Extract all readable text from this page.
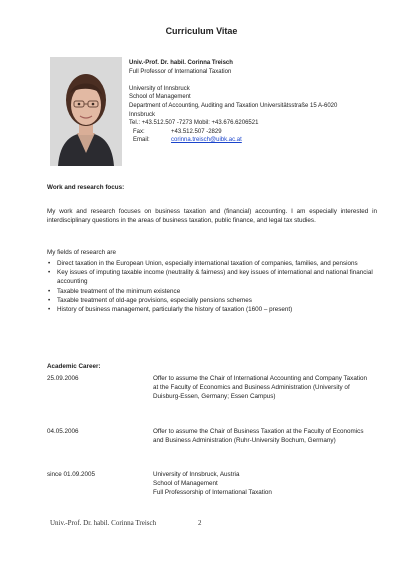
Curriculum Vitae
Univ.-Prof. Dr. habil. Corinna Treisch
Full Professor of International Taxation
University of Innsbruck
School of Management
Department of Accounting, Auditing and Taxation Universitätsstraße 15 A-6020
Innsbruck
Tel.: +43.512.507 -7273 Mobil: +43.676.6206521
Fax:	+43.512.507 -2829
Email:	corinna.treisch@uibk.ac.at
Work and research focus:
My work and research focuses on business taxation and (financial) accounting. I am especially interested in interdisciplinary questions in the areas of business taxation, public finance, and legal tax studies.
My fields of research are
• Direct taxation in the European Union, especially international taxation of companies, families, and pensions
• Key issues of imputing taxable income (neutrality & fairness) and key issues of international and national financial accounting
• Taxable treatment of the minimum existence
• Taxable treatment of old-age provisions, especially pensions schemes
• History of business management, particularly the history of taxation (1600 – present)
Academic Career:
25.09.2006	Offer to assume the Chair of International Accounting and Company Taxation at the Faculty of Economics and Business Administration (University of Duisburg-Essen, Germany; Essen Campus)
04.05.2006	Offer to assume the Chair of Business Taxation at the Faculty of Economics and Business Administration (Ruhr-University Bochum, Germany)
since 01.09.2005	University of Innsbruck, Austria
School of Management
Full Professorship of International Taxation
Univ.-Prof. Dr. habil. Corinna Treisch	2
